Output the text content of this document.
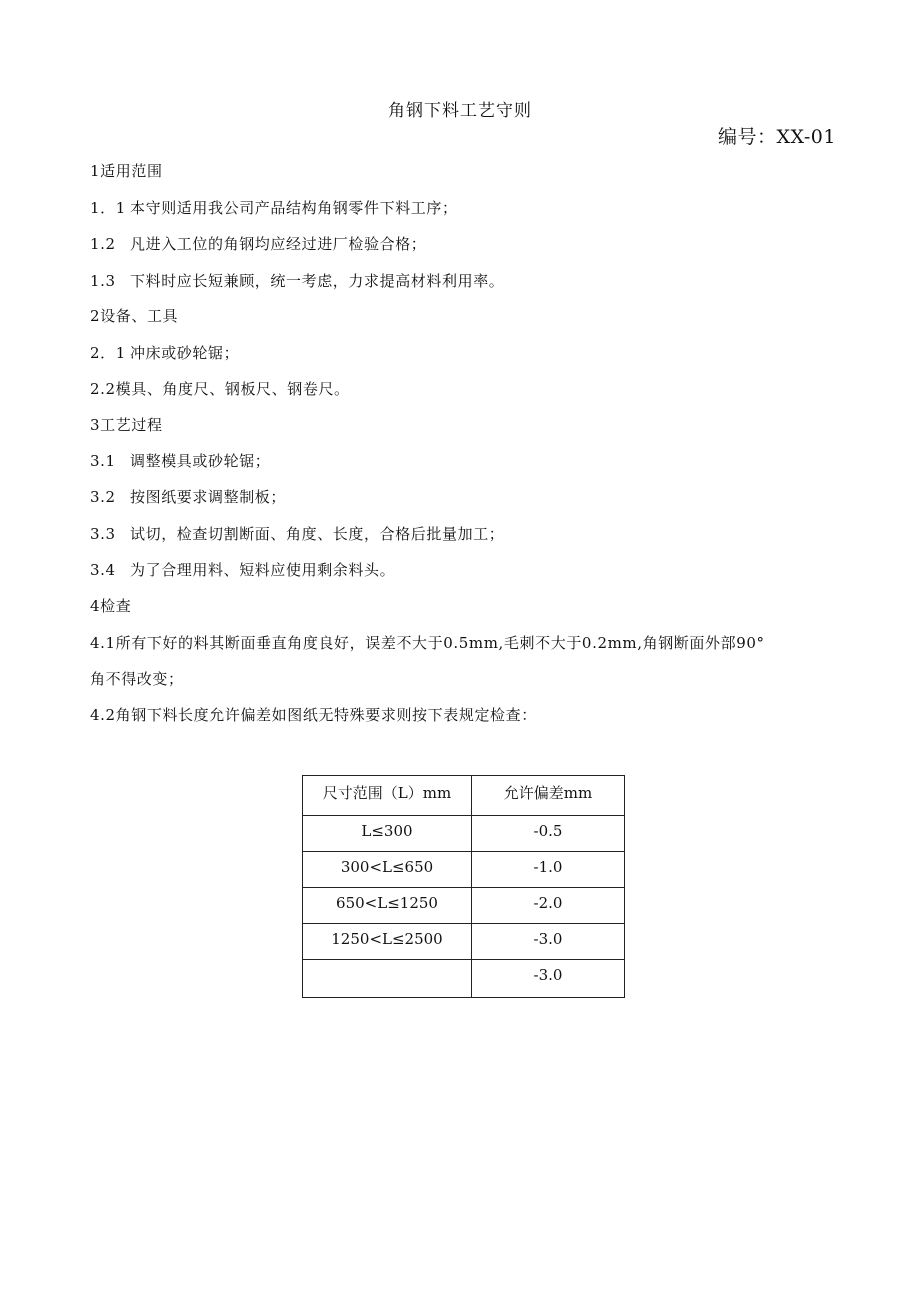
角钢下料工艺守则
编号：XX-01
1适用范围
1．1 本守则适用我公司产品结构角钢零件下料工序；
1.2 凡进入工位的角钢均应经过进厂检验合格；
1.3 下料时应长短兼顾，统一考虑，力求提高材料利用率。
2设备、工具
2．1 冲床或砂轮锯；
2.2模具、角度尺、钢板尺、钢卷尺。
3工艺过程
3.1 调整模具或砂轮锯；
3.2 按图纸要求调整制板；
3.3 试切，检查切割断面、角度、长度，合格后批量加工；
3.4 为了合理用料、短料应使用剩余料头。
4检查
4.1所有下好的料其断面垂直角度良好，误差不大于0.5mm,毛刺不大于0.2mm,角钢断面外部90°
角不得改变；
4.2角钢下料长度允许偏差如图纸无特殊要求则按下表规定检查：
尺寸范围（L）mm	允许偏差mm
L≤300	-0.5
300<L≤650	-1.0
650<L≤1250	-2.0
1250<L≤2500	-3.0
	-3.0
